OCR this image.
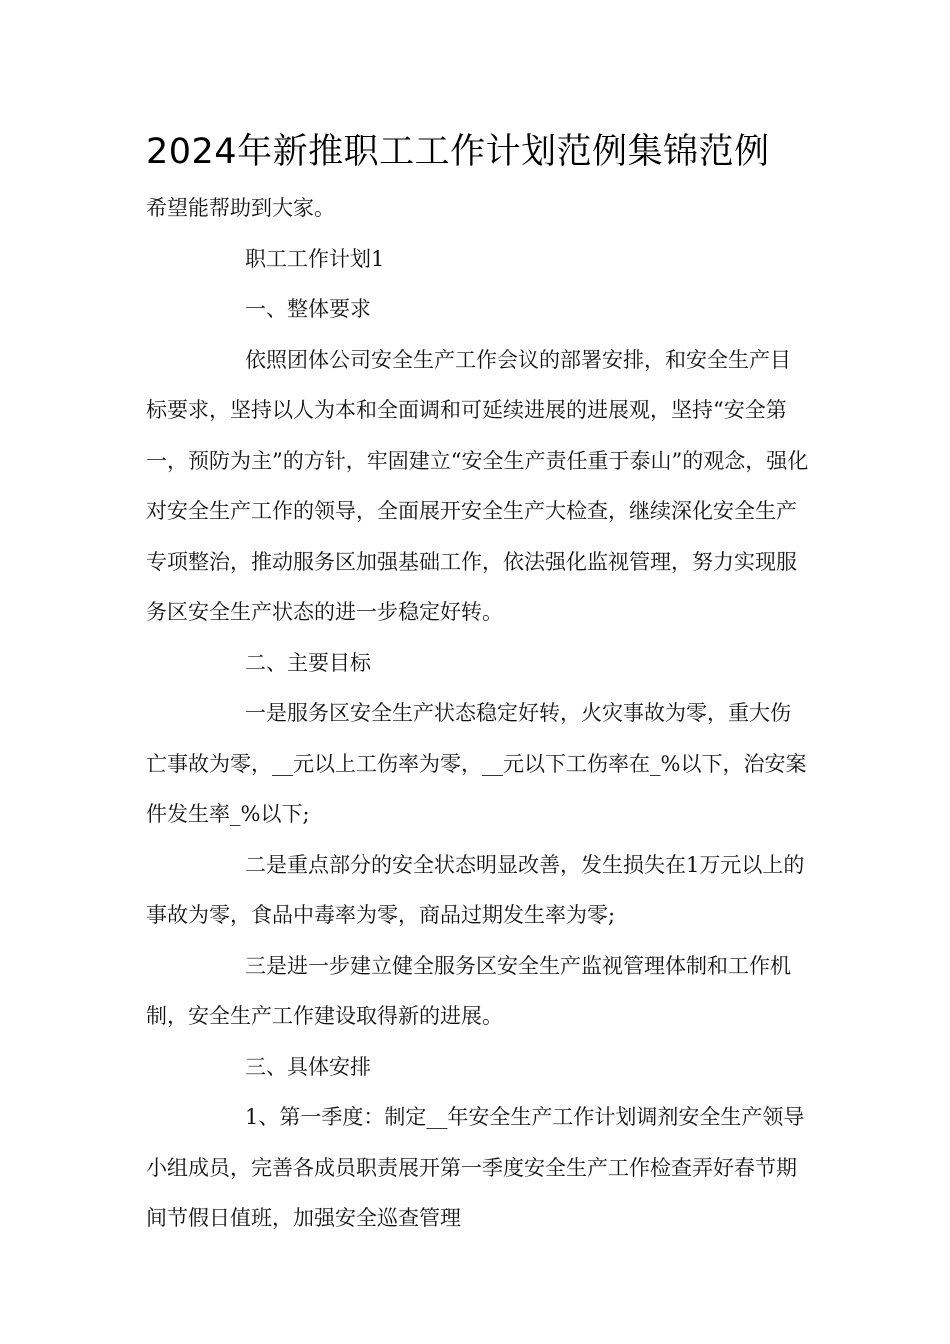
2024年新推职工工作计划范例集锦范例

希望能帮助到大家。

职工工作计划1

一、整体要求

依照团体公司安全生产工作会议的部署安排，和安全生产目标要求，坚持以人为本和全面调和可延续进展的进展观，坚持“安全第一，预防为主”的方针，牢固建立“安全生产责任重于泰山”的观念，强化对安全生产工作的领导，全面展开安全生产大检查，继续深化安全生产专项整治，推动服务区加强基础工作，依法强化监视管理，努力实现服务区安全生产状态的进一步稳定好转。

二、主要目标

一是服务区安全生产状态稳定好转，火灾事故为零，重大伤亡事故为零，__元以上工伤率为零，__元以下工伤率在_%以下，治安案件发生率_%以下;

二是重点部分的安全状态明显改善，发生损失在1万元以上的事故为零，食品中毒率为零，商品过期发生率为零;

三是进一步建立健全服务区安全生产监视管理体制和工作机制，安全生产工作建设取得新的进展。

三、具体安排

1、第一季度：制定__年安全生产工作计划调剂安全生产领导小组成员，完善各成员职责展开第一季度安全生产工作检查弄好春节期间节假日值班，加强安全巡查管理
